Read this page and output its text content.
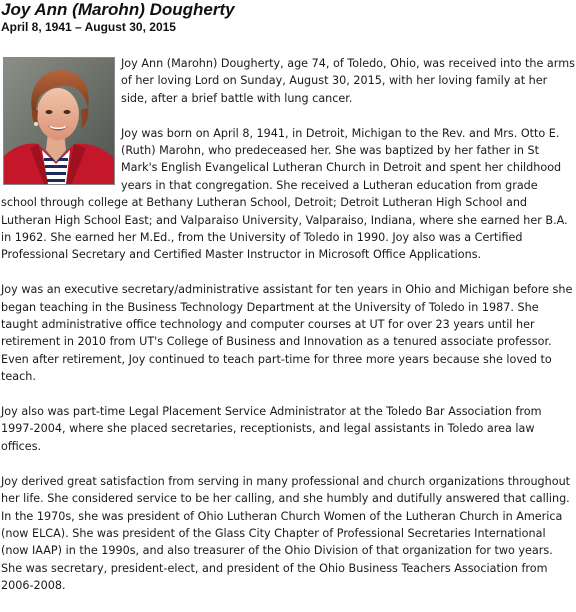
Joy Ann (Marohn) Dougherty
April 8, 1941 – August 30, 2015

Joy Ann (Marohn) Dougherty, age 74, of Toledo, Ohio, was received into the arms of her loving Lord on Sunday, August 30, 2015, with her loving family at her side, after a brief battle with lung cancer.

Joy was born on April 8, 1941, in Detroit, Michigan to the Rev. and Mrs. Otto E. (Ruth) Marohn, who predeceased her. She was baptized by her father in St Mark's English Evangelical Lutheran Church in Detroit and spent her childhood years in that congregation. She received a Lutheran education from grade school through college at Bethany Lutheran School, Detroit; Detroit Lutheran High School and Lutheran High School East; and Valparaiso University, Valparaiso, Indiana, where she earned her B.A. in 1962. She earned her M.Ed., from the University of Toledo in 1990. Joy also was a Certified Professional Secretary and Certified Master Instructor in Microsoft Office Applications.

Joy was an executive secretary/administrative assistant for ten years in Ohio and Michigan before she began teaching in the Business Technology Department at the University of Toledo in 1987. She taught administrative office technology and computer courses at UT for over 23 years until her retirement in 2010 from UT's College of Business and Innovation as a tenured associate professor. Even after retirement, Joy continued to teach part-time for three more years because she loved to teach.

Joy also was part-time Legal Placement Service Administrator at the Toledo Bar Association from 1997-2004, where she placed secretaries, receptionists, and legal assistants in Toledo area law offices.

Joy derived great satisfaction from serving in many professional and church organizations throughout her life. She considered service to be her calling, and she humbly and dutifully answered that calling. In the 1970s, she was president of Ohio Lutheran Church Women of the Lutheran Church in America (now ELCA). She was president of the Glass City Chapter of Professional Secretaries International (now IAAP) in the 1990s, and also treasurer of the Ohio Division of that organization for two years. She was secretary, president-elect, and president of the Ohio Business Teachers Association from 2006-2008.
